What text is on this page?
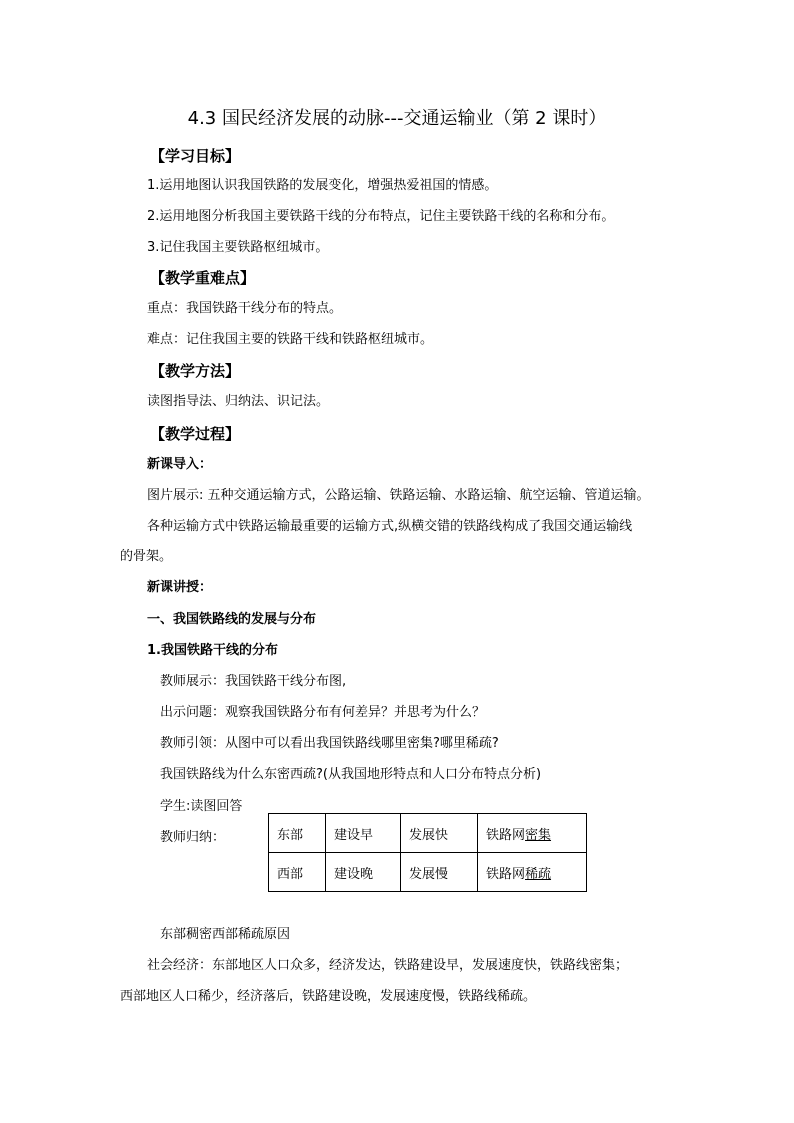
4.3 国民经济发展的动脉---交通运输业（第 2 课时）
【学习目标】
1.运用地图认识我国铁路的发展变化，增强热爱祖国的情感。
2.运用地图分析我国主要铁路干线的分布特点，记住主要铁路干线的名称和分布。
3.记住我国主要铁路枢纽城市。
【教学重难点】
重点：我国铁路干线分布的特点。
难点：记住我国主要的铁路干线和铁路枢纽城市。
【教学方法】
读图指导法、归纳法、识记法。
【教学过程】
新课导入：
图片展示: 五种交通运输方式，公路运输、铁路运输、水路运输、航空运输、管道运输。
各种运输方式中铁路运输最重要的运输方式,纵横交错的铁路线构成了我国交通运输线
的骨架。
新课讲授：
一、我国铁路线的发展与分布
1.我国铁路干线的分布
教师展示：我国铁路干线分布图,
出示问题：观察我国铁路分布有何差异？并思考为什么？
教师引领：从图中可以看出我国铁路线哪里密集?哪里稀疏?
我国铁路线为什么东密西疏?(从我国地形特点和人口分布特点分析)
学生:读图回答
教师归纳：	东部	建设早	发展快	铁路网密集
西部	建设晚	发展慢	铁路网稀疏
东部稠密西部稀疏原因
社会经济：东部地区人口众多，经济发达，铁路建设早，发展速度快，铁路线密集；
西部地区人口稀少，经济落后，铁路建设晚，发展速度慢，铁路线稀疏。
